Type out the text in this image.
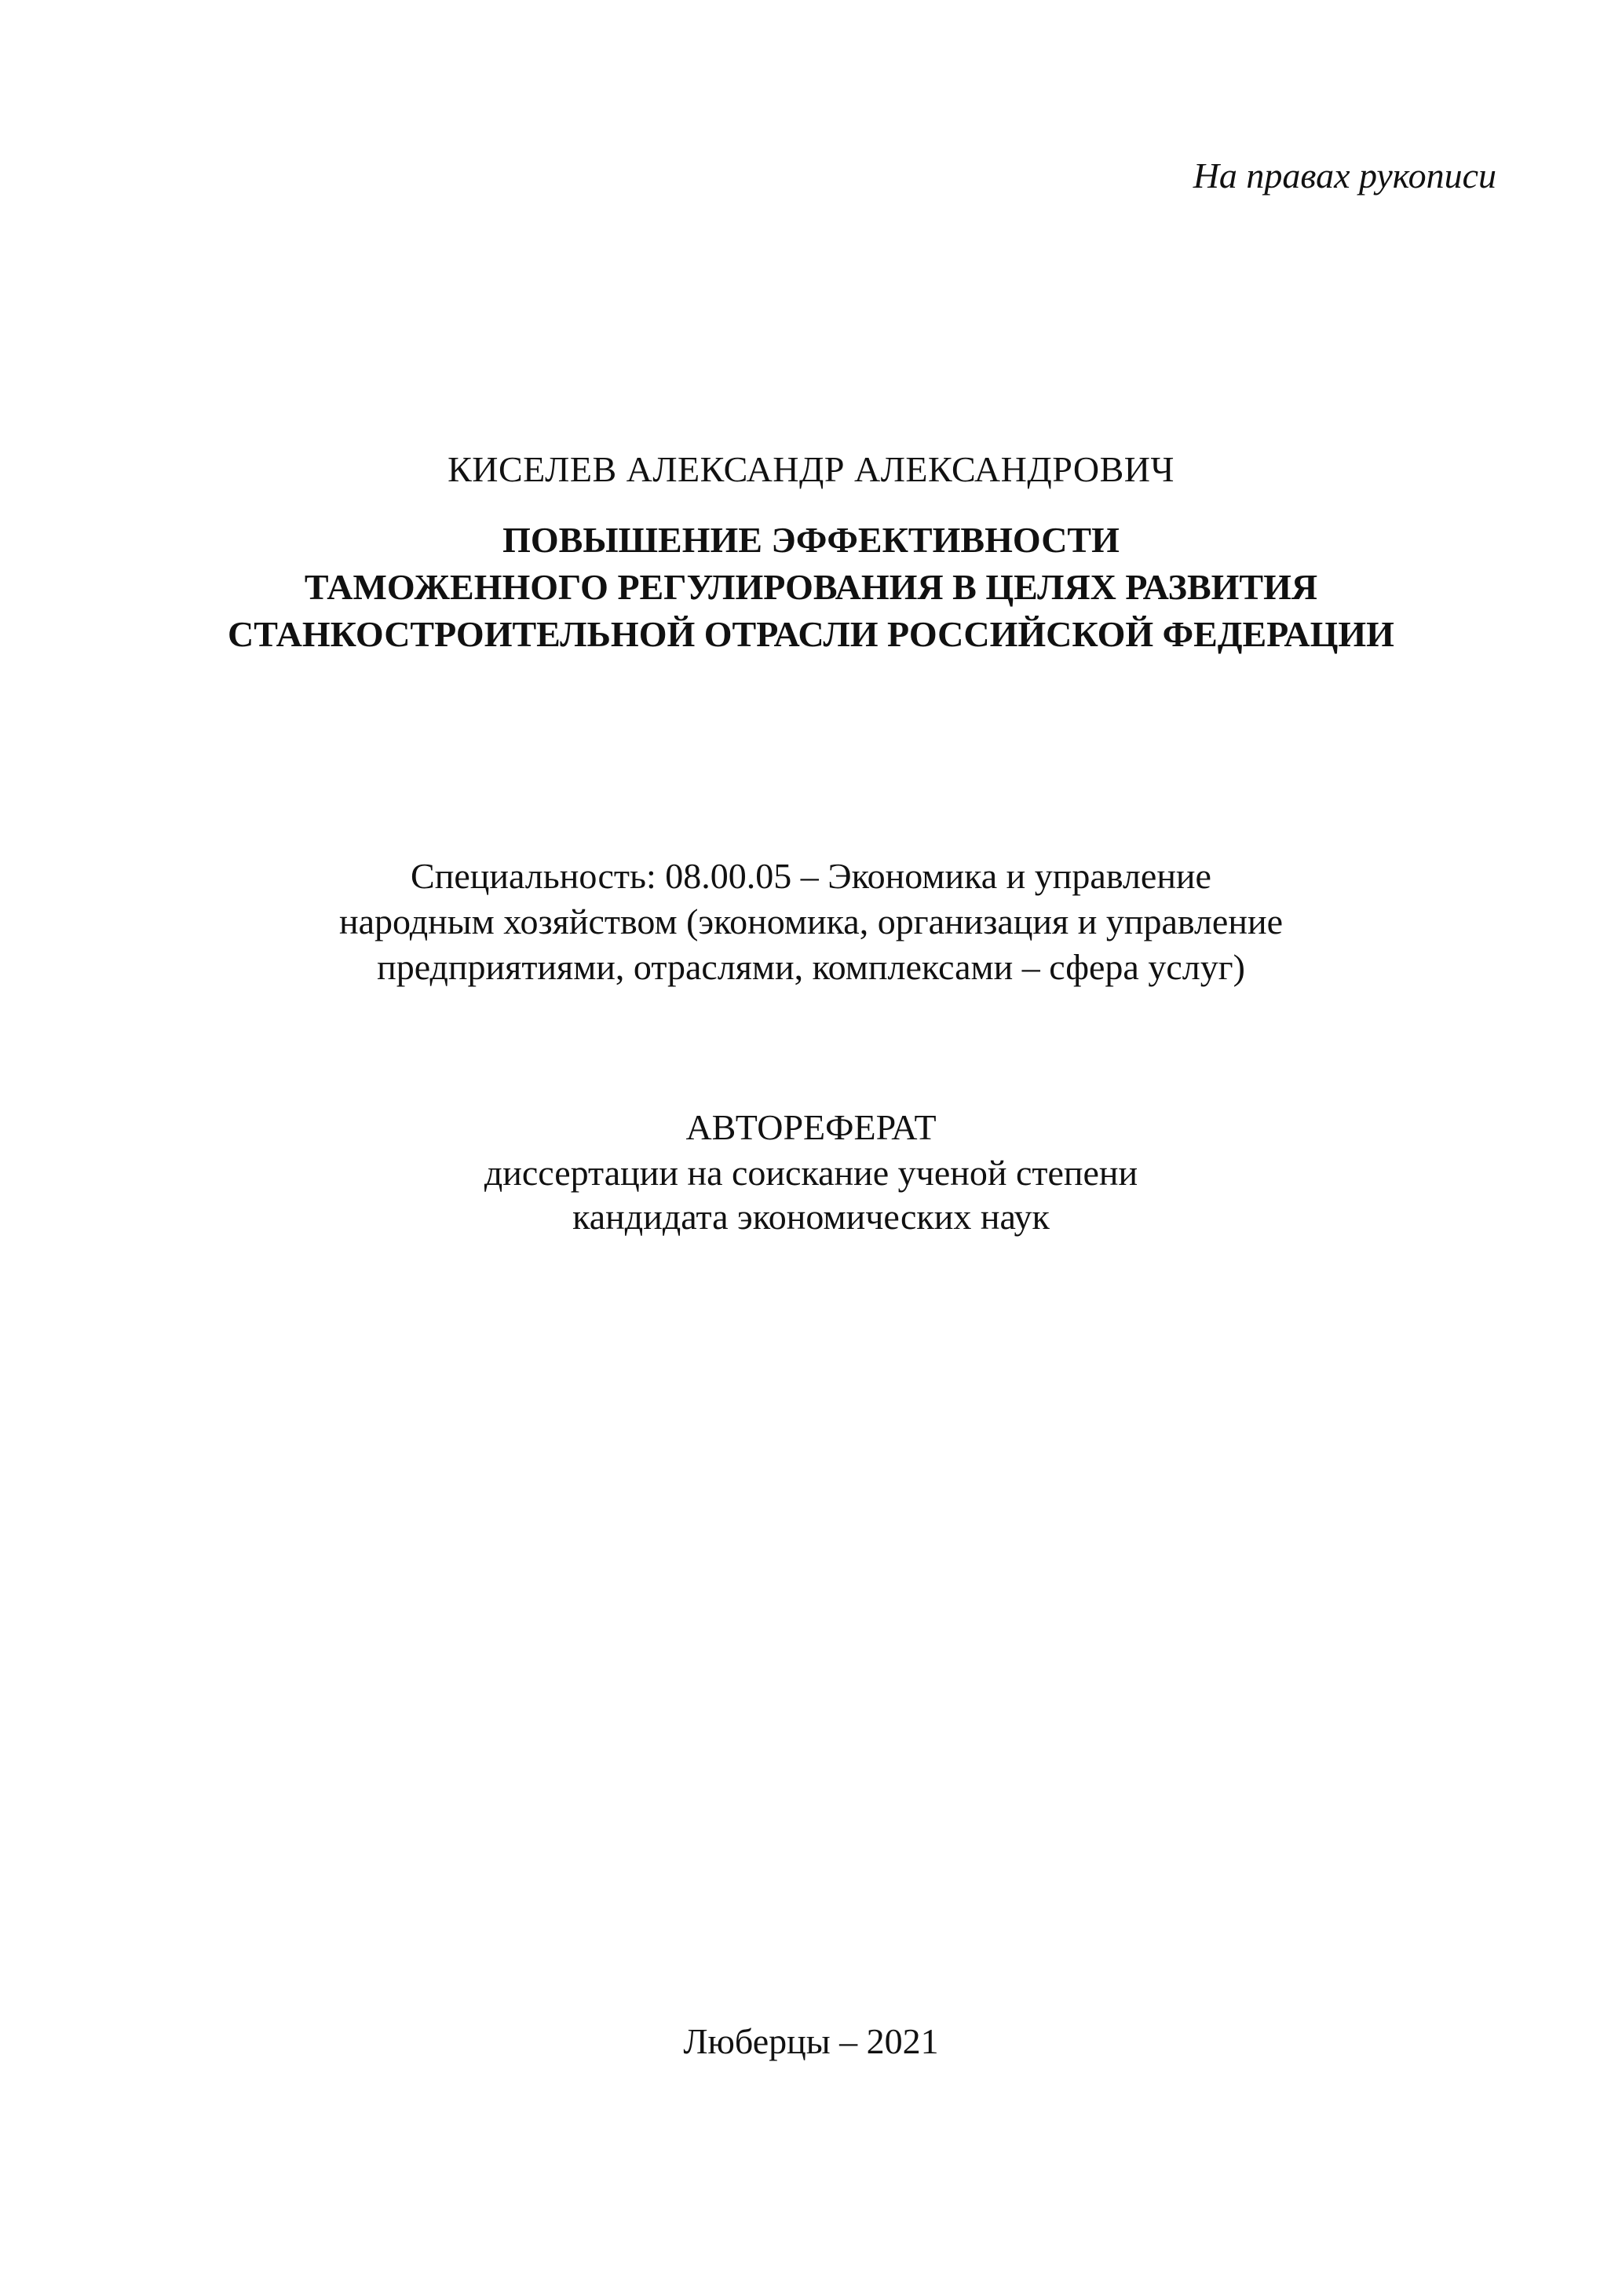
На правах рукописи
КИСЕЛЕВ АЛЕКСАНДР АЛЕКСАНДРОВИЧ
ПОВЫШЕНИЕ ЭФФЕКТИВНОСТИ
ТАМОЖЕННОГО РЕГУЛИРОВАНИЯ В ЦЕЛЯХ РАЗВИТИЯ
СТАНКОСТРОИТЕЛЬНОЙ ОТРАСЛИ РОССИЙСКОЙ ФЕДЕРАЦИИ
Специальность: 08.00.05 – Экономика и управление
народным хозяйством (экономика, организация и управление
предприятиями, отраслями, комплексами – сфера услуг)
АВТОРЕФЕРАТ
диссертации на соискание ученой степени
кандидата экономических наук
Люберцы – 2021
